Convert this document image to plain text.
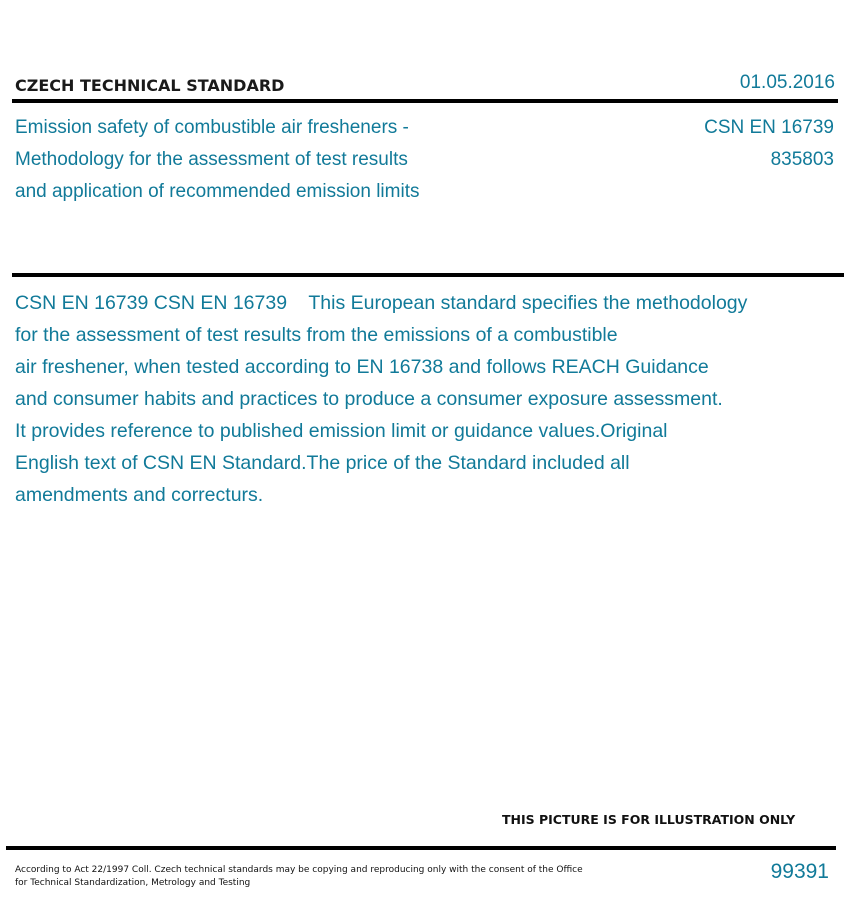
CZECH TECHNICAL STANDARD	01.05.2016
Emission safety of combustible air fresheners -
Methodology for the assessment of test results
and application of recommended emission limits
CSN EN 16739
835803
CSN EN 16739 CSN EN 16739    This European standard specifies the methodology
for the assessment of test results from the emissions of a combustible
air freshener, when tested according to EN 16738 and follows REACH Guidance
and consumer habits and practices to produce a consumer exposure assessment.
It provides reference to published emission limit or guidance values.Original
English text of CSN EN Standard.The price of the Standard included all
amendments and correcturs.
THIS PICTURE IS FOR ILLUSTRATION ONLY
According to Act 22/1997 Coll. Czech technical standards may be copying and reproducing only with the consent of the Office
for Technical Standardization, Metrology and Testing	99391
